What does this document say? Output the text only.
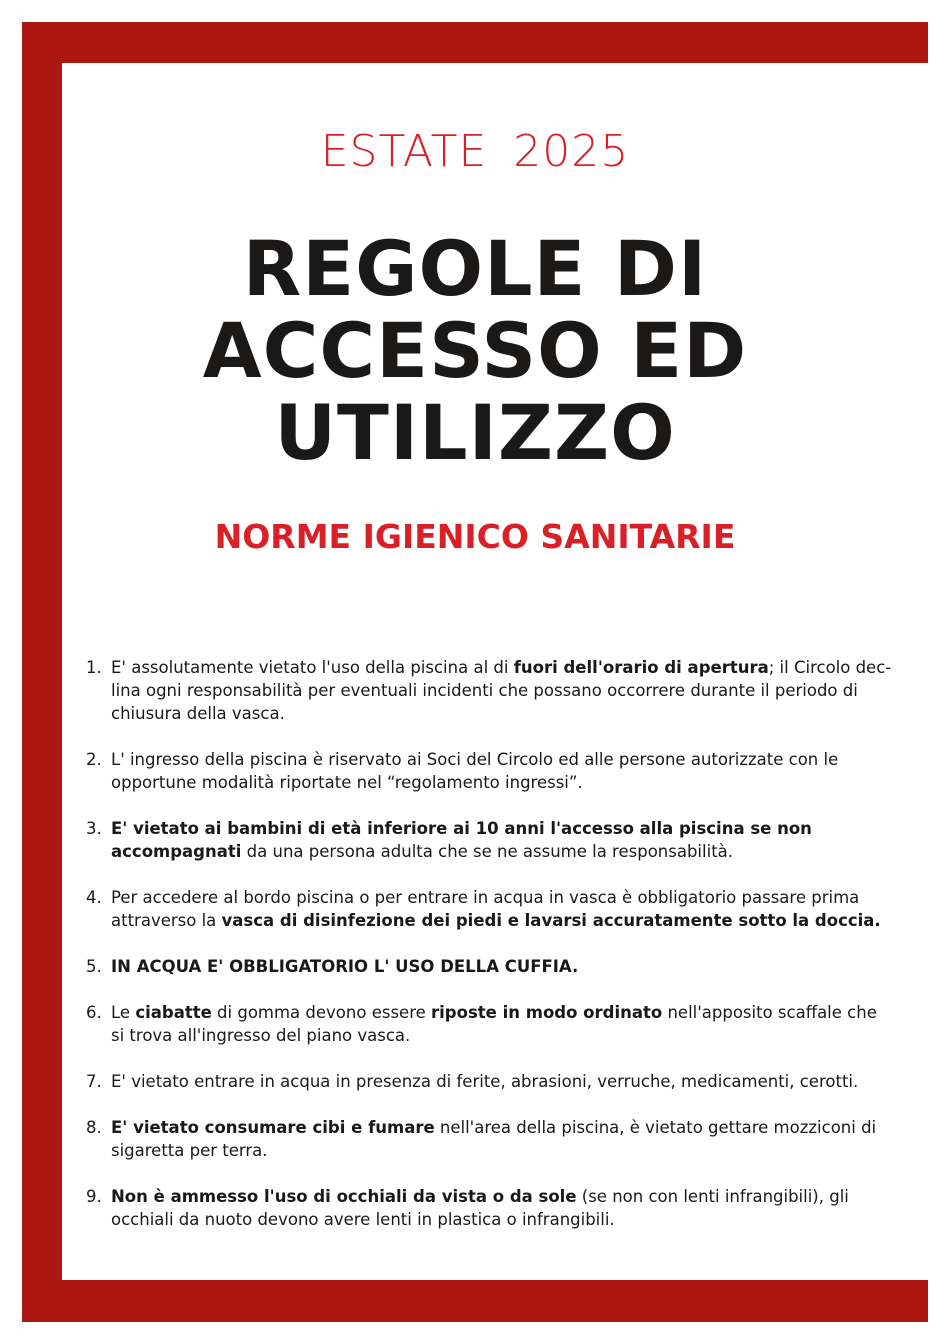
ESTATE 2025
REGOLE DI
ACCESSO ED
UTILIZZO
NORME IGIENICO SANITARIE
1. E' assolutamente vietato l'uso della piscina al di fuori dell'orario di apertura; il Circolo dec-
lina ogni responsabilità per eventuali incidenti che possano occorrere durante il periodo di
chiusura della vasca.
2. L' ingresso della piscina è riservato ai Soci del Circolo ed alle persone autorizzate con le
opportune modalità riportate nel “regolamento ingressi”.
3. E' vietato ai bambini di età inferiore ai 10 anni l'accesso alla piscina se non
accompagnati da una persona adulta che se ne assume la responsabilità.
4. Per accedere al bordo piscina o per entrare in acqua in vasca è obbligatorio passare prima
attraverso la vasca di disinfezione dei piedi e lavarsi accuratamente sotto la doccia.
5. IN ACQUA E' OBBLIGATORIO L' USO DELLA CUFFIA.
6. Le ciabatte di gomma devono essere riposte in modo ordinato nell'apposito scaffale che
si trova all'ingresso del piano vasca.
7. E' vietato entrare in acqua in presenza di ferite, abrasioni, verruche, medicamenti, cerotti.
8. E' vietato consumare cibi e fumare nell'area della piscina, è vietato gettare mozziconi di
sigaretta per terra.
9. Non è ammesso l'uso di occhiali da vista o da sole (se non con lenti infrangibili), gli
occhiali da nuoto devono avere lenti in plastica o infrangibili.
